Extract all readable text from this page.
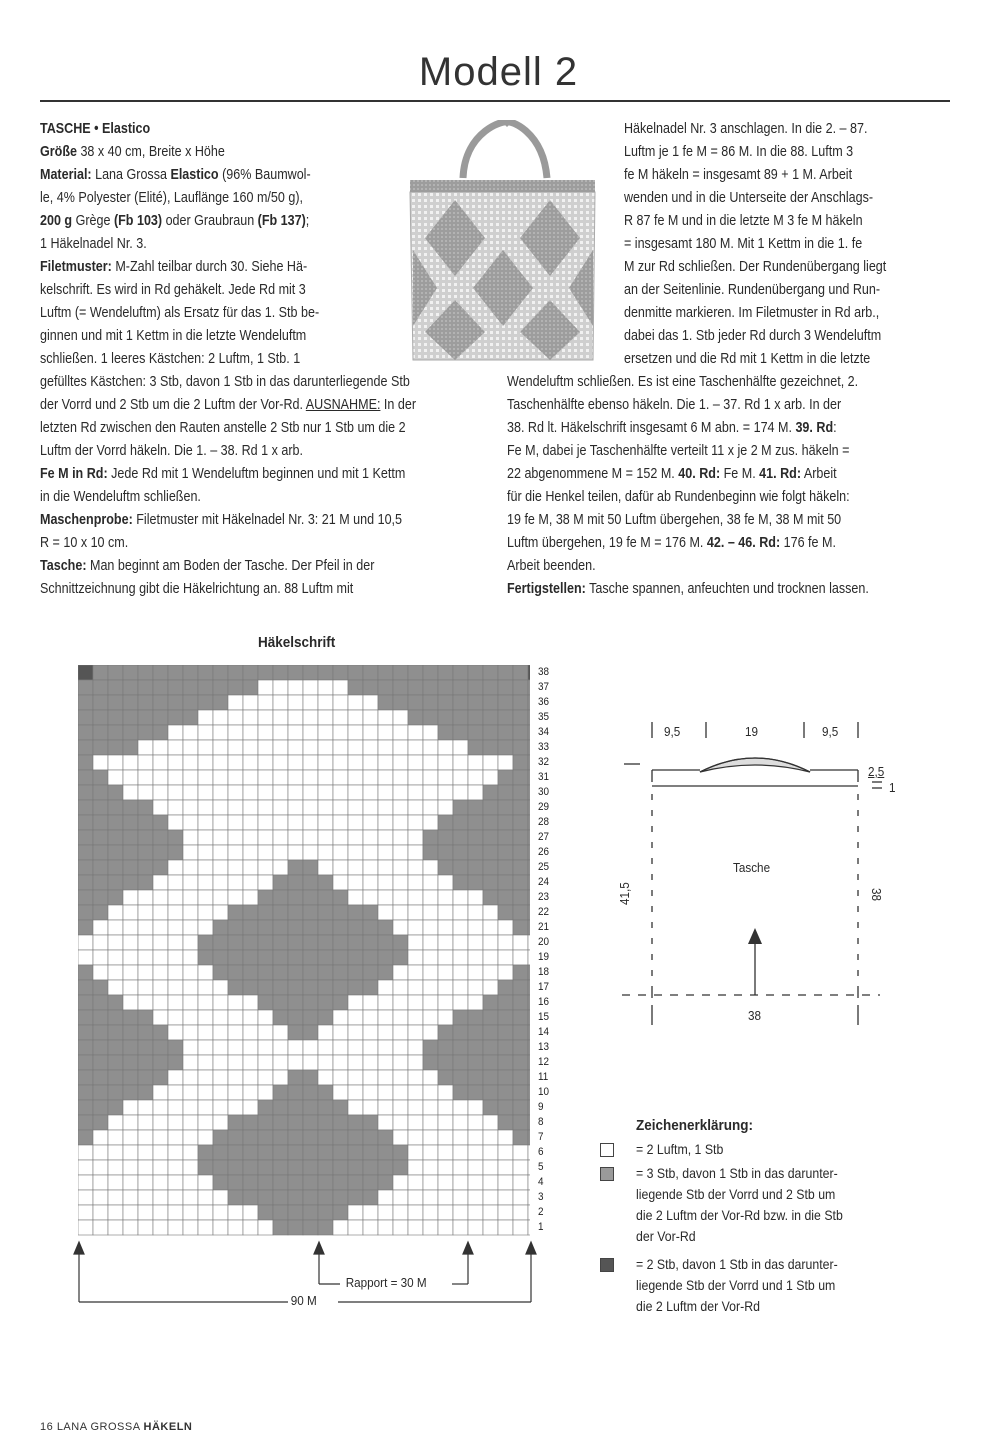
Modell 2

TASCHE • Elastico

Größe 38 x 40 cm, Breite x Höhe

Material: Lana Grossa Elastico (96% Baumwol-

le, 4% Polyester (Elité), Lauflänge 160 m/50 g),

200 g Grège (Fb 103) oder Graubraun (Fb 137);

1 Häkelnadel Nr. 3.

Filetmuster: M-Zahl teilbar durch 30. Siehe Hä-

kelschrift. Es wird in Rd gehäkelt. Jede Rd mit 3

Luftm (= Wendeluftm) als Ersatz für das 1. Stb be-

ginnen und mit 1 Kettm in die letzte Wendeluftm

schließen. 1 leeres Kästchen: 2 Luftm, 1 Stb. 1

gefülltes Kästchen: 3 Stb, davon 1 Stb in das darunterliegende Stb

der Vorrd und 2 Stb um die 2 Luftm der Vor-Rd. AUSNAHME: In der

letzten Rd zwischen den Rauten anstelle 2 Stb nur 1 Stb um die 2

Luftm der Vorrd häkeln. Die 1. – 38. Rd 1 x arb.

Fe M in Rd: Jede Rd mit 1 Wendeluftm beginnen und mit 1 Kettm

in die Wendeluftm schließen.

Maschenprobe: Filetmuster mit Häkelnadel Nr. 3: 21 M und 10,5

R = 10 x 10 cm.

Tasche: Man beginnt am Boden der Tasche. Der Pfeil in der

Schnittzeichnung gibt die Häkelrichtung an. 88 Luftm mit

Häkelnadel Nr. 3 anschlagen. In die 2. – 87.

Luftm je 1 fe M = 86 M. In die 88. Luftm 3

fe M häkeln = insgesamt 89 + 1 M. Arbeit

wenden und in die Unterseite der Anschlags-

R 87 fe M und in die letzte M 3 fe M häkeln

= insgesamt 180 M. Mit 1 Kettm in die 1. fe

M zur Rd schließen. Der Rundenübergang liegt

an der Seitenlinie. Rundenübergang und Run-

denmitte markieren. Im Filetmuster in Rd arb.,

dabei das 1. Stb jeder Rd durch 3 Wendeluftm

ersetzen und die Rd mit 1 Kettm in die letzte

Wendeluftm schließen. Es ist eine Taschenhälfte gezeichnet, 2.

Taschenhälfte ebenso häkeln. Die 1. – 37. Rd 1 x arb. In der

38. Rd lt. Häkelschrift insgesamt 6 M abn. = 174 M. 39. Rd:

Fe M, dabei je Taschenhälfte verteilt 11 x je 2 M zus. häkeln =

22 abgenommene M = 152 M. 40. Rd: Fe M. 41. Rd: Arbeit

für die Henkel teilen, dafür ab Rundenbeginn wie folgt häkeln:

19 fe M, 38 M mit 50 Luftm übergehen, 38 fe M, 38 M mit 50

Luftm übergehen, 19 fe M = 176 M. 42. – 46. Rd: 176 fe M.

Arbeit beenden.

Fertigstellen: Tasche spannen, anfeuchten und trocknen lassen.

Häkelschrift
38
37
36
35
34
33
32
31
30
29
28
27
26
25
24
23
22
21
20
19
18
17
16
15
14
13
12
11
10
9
8
7
6
5
4
3
2
1
Rapport = 30 M
90 M
9,5	19	9,5
2,5
1
Tasche
41,5	38
38
Zeichenerklärung:
= 2 Luftm, 1 Stb
= 3 Stb, davon 1 Stb in das darunter-
liegende Stb der Vorrd und 2 Stb um
die 2 Luftm der Vor-Rd bzw. in die Stb
der Vor-Rd
= 2 Stb, davon 1 Stb in das darunter-
liegende Stb der Vorrd und 1 Stb um
die 2 Luftm der Vor-Rd
16 LANA GROSSA HÄKELN
